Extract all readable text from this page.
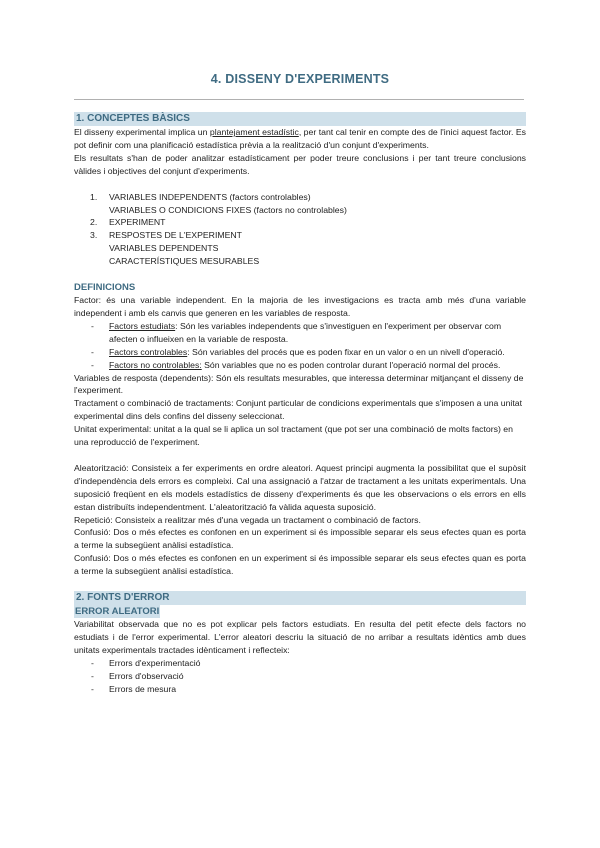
4. DISSENY D'EXPERIMENTS
1. CONCEPTES BÀSICS

El disseny experimental implica un plantejament estadístic, per tant cal tenir en compte des de l'inici aquest factor. Es pot definir com una planificació estadística prèvia a la realització d'un conjunt d'experiments.

Els resultats s'han de poder analitzar estadísticament per poder treure conclusions i per tant treure conclusions vàlides i objectives del conjunt d'experiments.

1. VARIABLES INDEPENDENTS (factors controlables)
VARIABLES O CONDICIONS FIXES (factors no controlables)
2. EXPERIMENT
3. RESPOSTES DE L'EXPERIMENT
VARIABLES DEPENDENTS
CARACTERÍSTIQUES MESURABLES
DEFINICIONS

Factor: és una variable independent. En la majoria de les investigacions es tracta amb més d'una variable independent i amb els canvis que generen en les variables de resposta.

- Factors estudiats: Són les variables independents que s'investiguen en l'experiment per observar com afecten o influeixen en la variable de resposta.
- Factors controlables: Són variables del procés que es poden fixar en un valor o en un nivell d'operació.
- Factors no controlables: Són variables que no es poden controlar durant l'operació normal del procés.

Variables de resposta (dependents): Són els resultats mesurables, que interessa determinar mitjançant el disseny de l'experiment.

Tractament o combinació de tractaments: Conjunt particular de condicions experimentals que s'imposen a una unitat experimental dins dels confins del disseny seleccionat.

Unitat experimental: unitat a la qual se li aplica un sol tractament (que pot ser una combinació de molts factors) en una reproducció de l'experiment.

Aleatorització: Consisteix a fer experiments en ordre aleatori. Aquest principi augmenta la possibilitat que el supòsit d'independència dels errors es compleixi. Cal una assignació a l'atzar de tractament a les unitats experimentals. Una suposició freqüent en els models estadístics de disseny d'experiments és que les observacions o els errors en ells estan distribuïts independentment. L'aleatorització fa vàlida aquesta suposició.

Repetició: Consisteix a realitzar més d'una vegada un tractament o combinació de factors.

Confusió: Dos o més efectes es confonen en un experiment si és impossible separar els seus efectes quan es porta a terme la subsegüent anàlisi estadística.

Confusió: Dos o més efectes es confonen en un experiment si és impossible separar els seus efectes quan es porta a terme la subsegüent anàlisi estadística.

2. FONTS D'ERROR
ERROR ALEATORI

Variabilitat observada que no es pot explicar pels factors estudiats. En resulta del petit efecte dels factors no estudiats i de l'error experimental. L'error aleatori descriu la situació de no arribar a resultats idèntics amb dues unitats experimentals tractades idènticament i reflecteix:

- Errors d'experimentació
- Errors d'observació
- Errors de mesura
